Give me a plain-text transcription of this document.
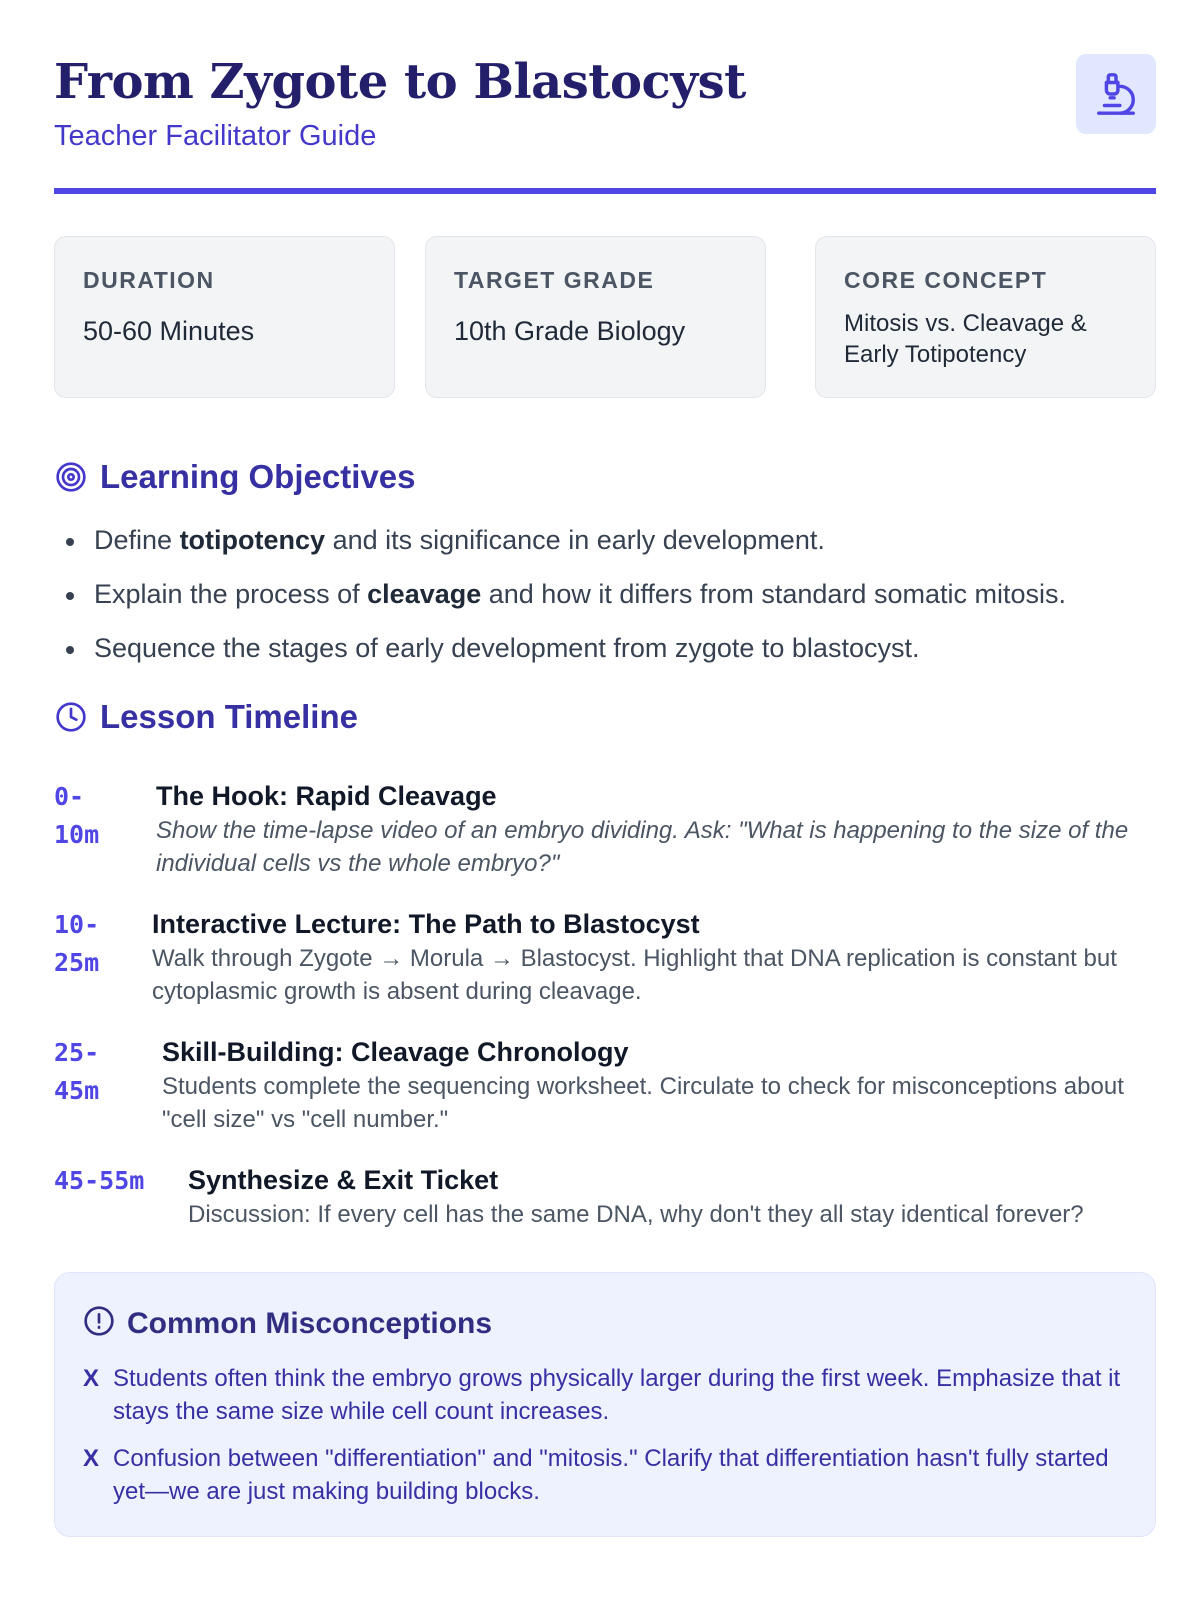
From Zygote to Blastocyst
Teacher Facilitator Guide
DURATION
50-60 Minutes
TARGET GRADE
10th Grade Biology
CORE CONCEPT
Mitosis vs. Cleavage & Early Totipotency
Learning Objectives
Define totipotency and its significance in early development.
Explain the process of cleavage and how it differs from standard somatic mitosis.
Sequence the stages of early development from zygote to blastocyst.
Lesson Timeline
0-
10m
The Hook: Rapid Cleavage
Show the time-lapse video of an embryo dividing. Ask: "What is happening to the size of the individual cells vs the whole embryo?"
10-
25m
Interactive Lecture: The Path to Blastocyst
Walk through Zygote → Morula → Blastocyst. Highlight that DNA replication is constant but cytoplasmic growth is absent during cleavage.
25-
45m
Skill-Building: Cleavage Chronology
Students complete the sequencing worksheet. Circulate to check for misconceptions about "cell size" vs "cell number."
45-55m Synthesize & Exit Ticket
Discussion: If every cell has the same DNA, why don't they all stay identical forever?
Common Misconceptions
X Students often think the embryo grows physically larger during the first week. Emphasize that it stays the same size while cell count increases.
X Confusion between "differentiation" and "mitosis." Clarify that differentiation hasn't fully started yet—we are just making building blocks.
